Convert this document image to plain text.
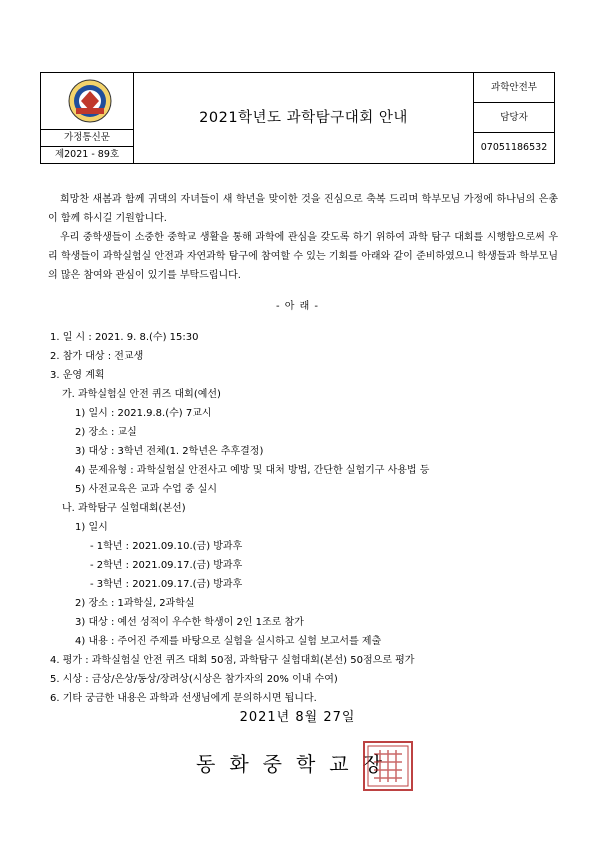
가정통신문
제2021 - 89호
2021학년도 과학탐구대회 안내
과학안전부
담당자
07051186532
희망찬 새봄과 함께 귀댁의 자녀들이 새 학년을 맞이한 것을 진심으로 축복 드리며 학부모님 가정에 하나님의 은총이 함께 하시길 기원합니다.
우리 중학생들이 소중한 중학교 생활을 통해 과학에 관심을 갖도록 하기 위하여 과학 탐구 대회를 시행함으로써 우리 학생들이 과학실험실 안전과 자연과학 탐구에 참여할 수 있는 기회를 아래와 같이 준비하였으니 학생들과 학부모님의 많은 참여와 관심이 있기를 부탁드립니다.
- 아 래 -
1. 일 시 : 2021. 9. 8.(수) 15:30
2. 참가 대상 : 전교생
3. 운영 계획
가. 과학실험실 안전 퀴즈 대회(예선)
1) 일시 : 2021.9.8.(수) 7교시
2) 장소 : 교실
3) 대상 : 3학년 전체(1. 2학년은 추후결정)
4) 문제유형 : 과학실험실 안전사고 예방 및 대처 방법, 간단한 실험기구 사용법 등
5) 사전교육은 교과 수업 중 실시
나. 과학탐구 실험대회(본선)
1) 일시
- 1학년 : 2021.09.10.(금) 방과후
- 2학년 : 2021.09.17.(금) 방과후
- 3학년 : 2021.09.17.(금) 방과후
2) 장소 : 1과학실, 2과학실
3) 대상 : 예선 성적이 우수한 학생이 2인 1조로 참가
4) 내용 : 주어진 주제를 바탕으로 실험을 실시하고 실험 보고서를 제출
4. 평가 : 과학실험실 안전 퀴즈 대회 50점, 과학탐구 실험대회(본선) 50점으로 평가
5. 시상 : 금상/은상/동상/장려상(시상은 참가자의 20% 이내 수여)
6. 기타 궁금한 내용은 과학과 선생님에게 문의하시면 됩니다.
2021년 8월 27일
동화중학교장
